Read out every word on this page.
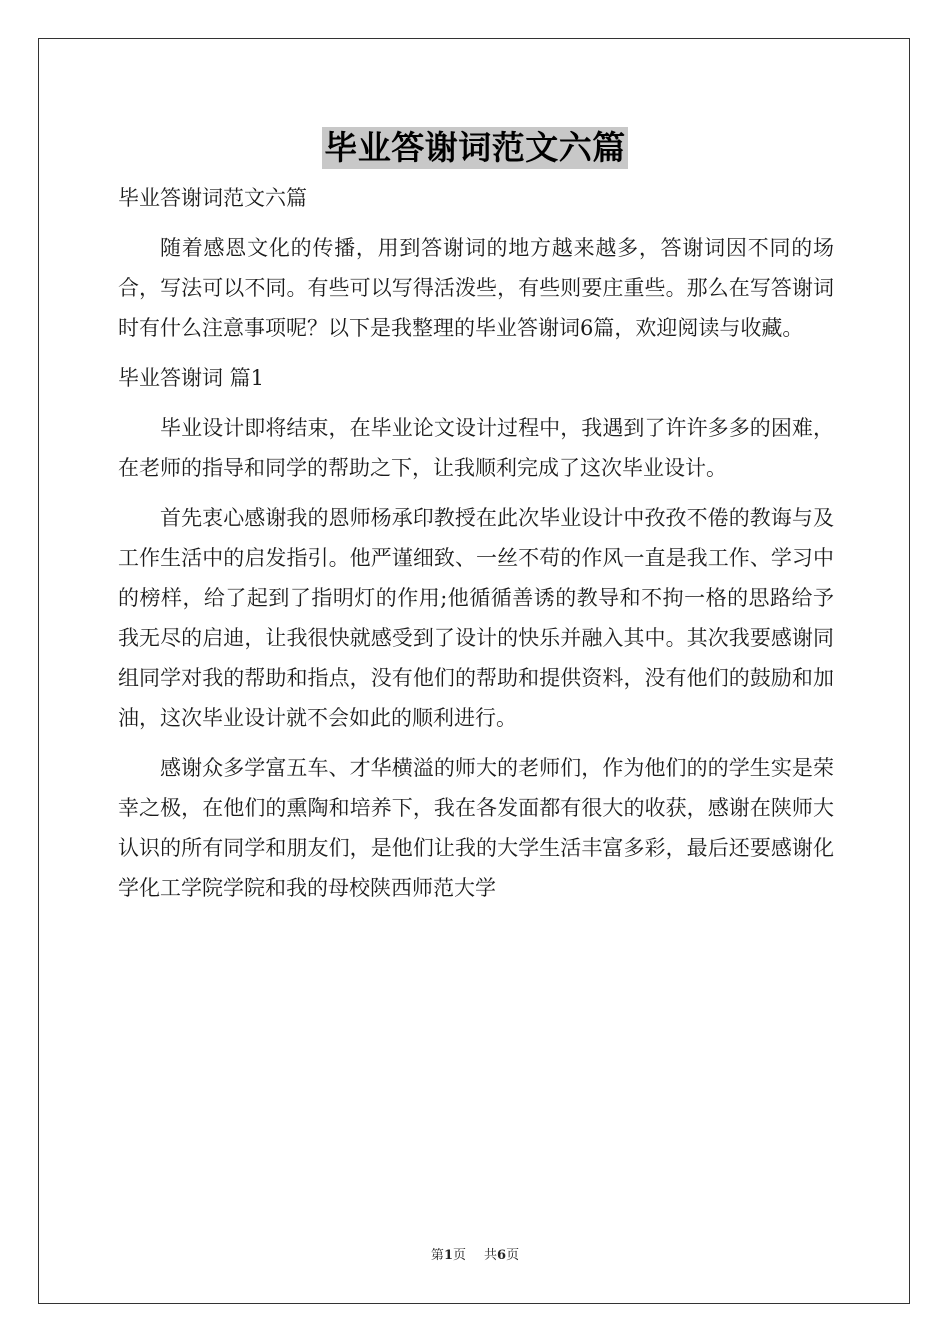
毕业答谢词范文六篇

毕业答谢词范文六篇

随着感恩文化的传播，用到答谢词的地方越来越多，答谢词因不同的场合，写法可以不同。有些可以写得活泼些，有些则要庄重些。那么在写答谢词时有什么注意事项呢？以下是我整理的毕业答谢词6篇，欢迎阅读与收藏。

毕业答谢词 篇1

毕业设计即将结束，在毕业论文设计过程中，我遇到了许许多多的困难，在老师的指导和同学的帮助之下，让我顺利完成了这次毕业设计。

首先衷心感谢我的恩师杨承印教授在此次毕业设计中孜孜不倦的教诲与及工作生活中的启发指引。他严谨细致、一丝不苟的作风一直是我工作、学习中的榜样，给了起到了指明灯的作用;他循循善诱的教导和不拘一格的思路给予我无尽的启迪，让我很快就感受到了设计的快乐并融入其中。其次我要感谢同组同学对我的帮助和指点，没有他们的帮助和提供资料，没有他们的鼓励和加油，这次毕业设计就不会如此的顺利进行。

感谢众多学富五车、才华横溢的师大的老师们，作为他们的的学生实是荣幸之极，在他们的熏陶和培养下，我在各发面都有很大的收获，感谢在陕师大认识的所有同学和朋友们，是他们让我的大学生活丰富多彩，最后还要感谢化学化工学院学院和我的母校陕西师范大学

第1页 共6页
